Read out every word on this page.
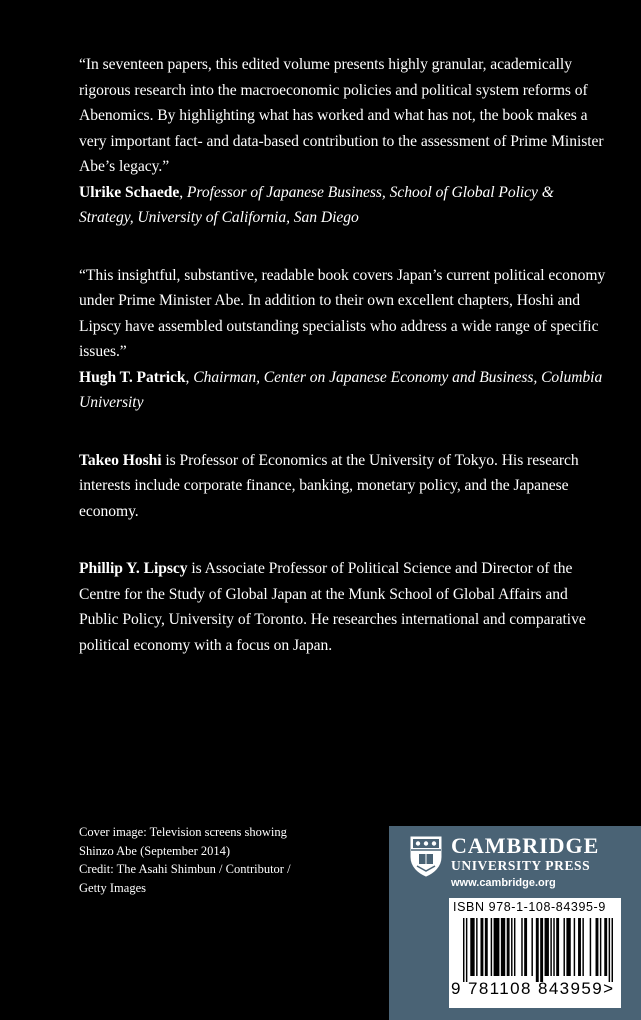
“In seventeen papers, this edited volume presents highly granular, academically rigorous research into the macroeconomic policies and political system reforms of Abenomics. By highlighting what has worked and what has not, the book makes a very important fact- and data-based contribution to the assessment of Prime Minister Abe’s legacy.”

Ulrike Schaede, Professor of Japanese Business, School of Global Policy & Strategy, University of California, San Diego

“This insightful, substantive, readable book covers Japan’s current political economy under Prime Minister Abe. In addition to their own excellent chapters, Hoshi and Lipscy have assembled outstanding specialists who address a wide range of specific issues.”

Hugh T. Patrick, Chairman, Center on Japanese Economy and Business, Columbia University

Takeo Hoshi is Professor of Economics at the University of Tokyo. His research interests include corporate finance, banking, monetary policy, and the Japanese economy.

Phillip Y. Lipscy is Associate Professor of Political Science and Director of the Centre for the Study of Global Japan at the Munk School of Global Affairs and Public Policy, University of Toronto. He researches international and comparative political economy with a focus on Japan.

Cover image: Television screens showing
Shinzo Abe (September 2014)
Credit: The Asahi Shimbun / Contributor /
Getty Images
CAMBRIDGE
UNIVERSITY PRESS
www.cambridge.org
ISBN 978-1-108-84395-9
9 781108 843959>
